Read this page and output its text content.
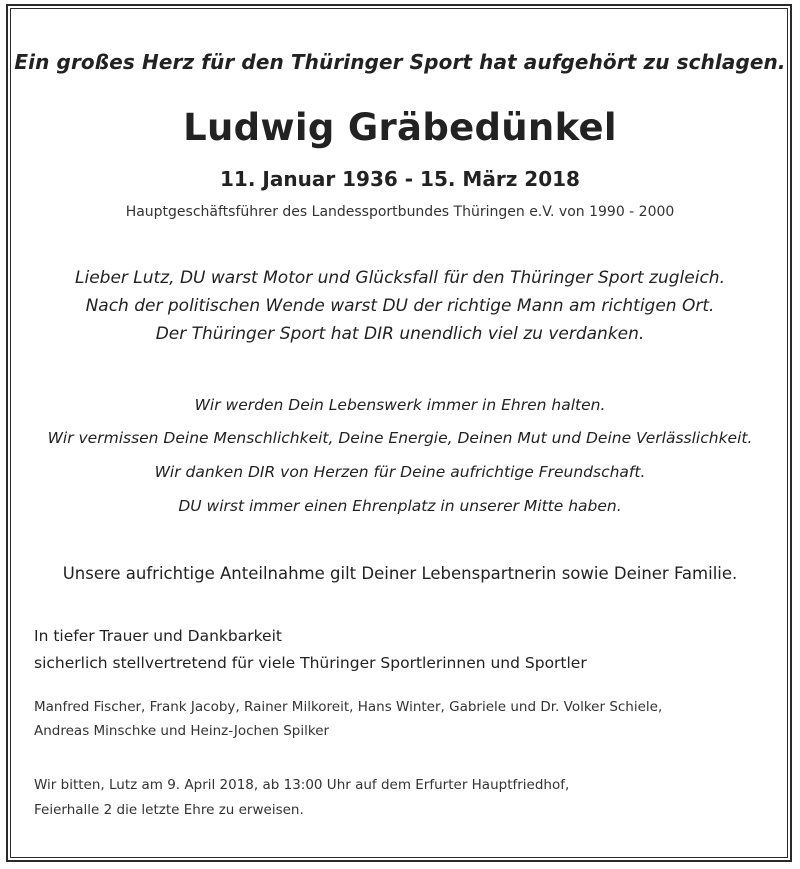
Ein großes Herz für den Thüringer Sport hat aufgehört zu schlagen.
Ludwig Gräbedünkel
11. Januar 1936 - 15. März 2018
Hauptgeschäftsführer des Landessportbundes Thüringen e.V. von 1990 - 2000
Lieber Lutz, DU warst Motor und Glücksfall für den Thüringer Sport zugleich.
Nach der politischen Wende warst DU der richtige Mann am richtigen Ort.
Der Thüringer Sport hat DIR unendlich viel zu verdanken.
Wir werden Dein Lebenswerk immer in Ehren halten.
Wir vermissen Deine Menschlichkeit, Deine Energie, Deinen Mut und Deine Verlässlichkeit.
Wir danken DIR von Herzen für Deine aufrichtige Freundschaft.
DU wirst immer einen Ehrenplatz in unserer Mitte haben.
Unsere aufrichtige Anteilnahme gilt Deiner Lebenspartnerin sowie Deiner Familie.
In tiefer Trauer und Dankbarkeit
sicherlich stellvertretend für viele Thüringer Sportlerinnen und Sportler
Manfred Fischer, Frank Jacoby, Rainer Milkoreit, Hans Winter, Gabriele und Dr. Volker Schiele,
Andreas Minschke und Heinz-Jochen Spilker
Wir bitten, Lutz am 9. April 2018, ab 13:00 Uhr auf dem Erfurter Hauptfriedhof,
Feierhalle 2 die letzte Ehre zu erweisen.
